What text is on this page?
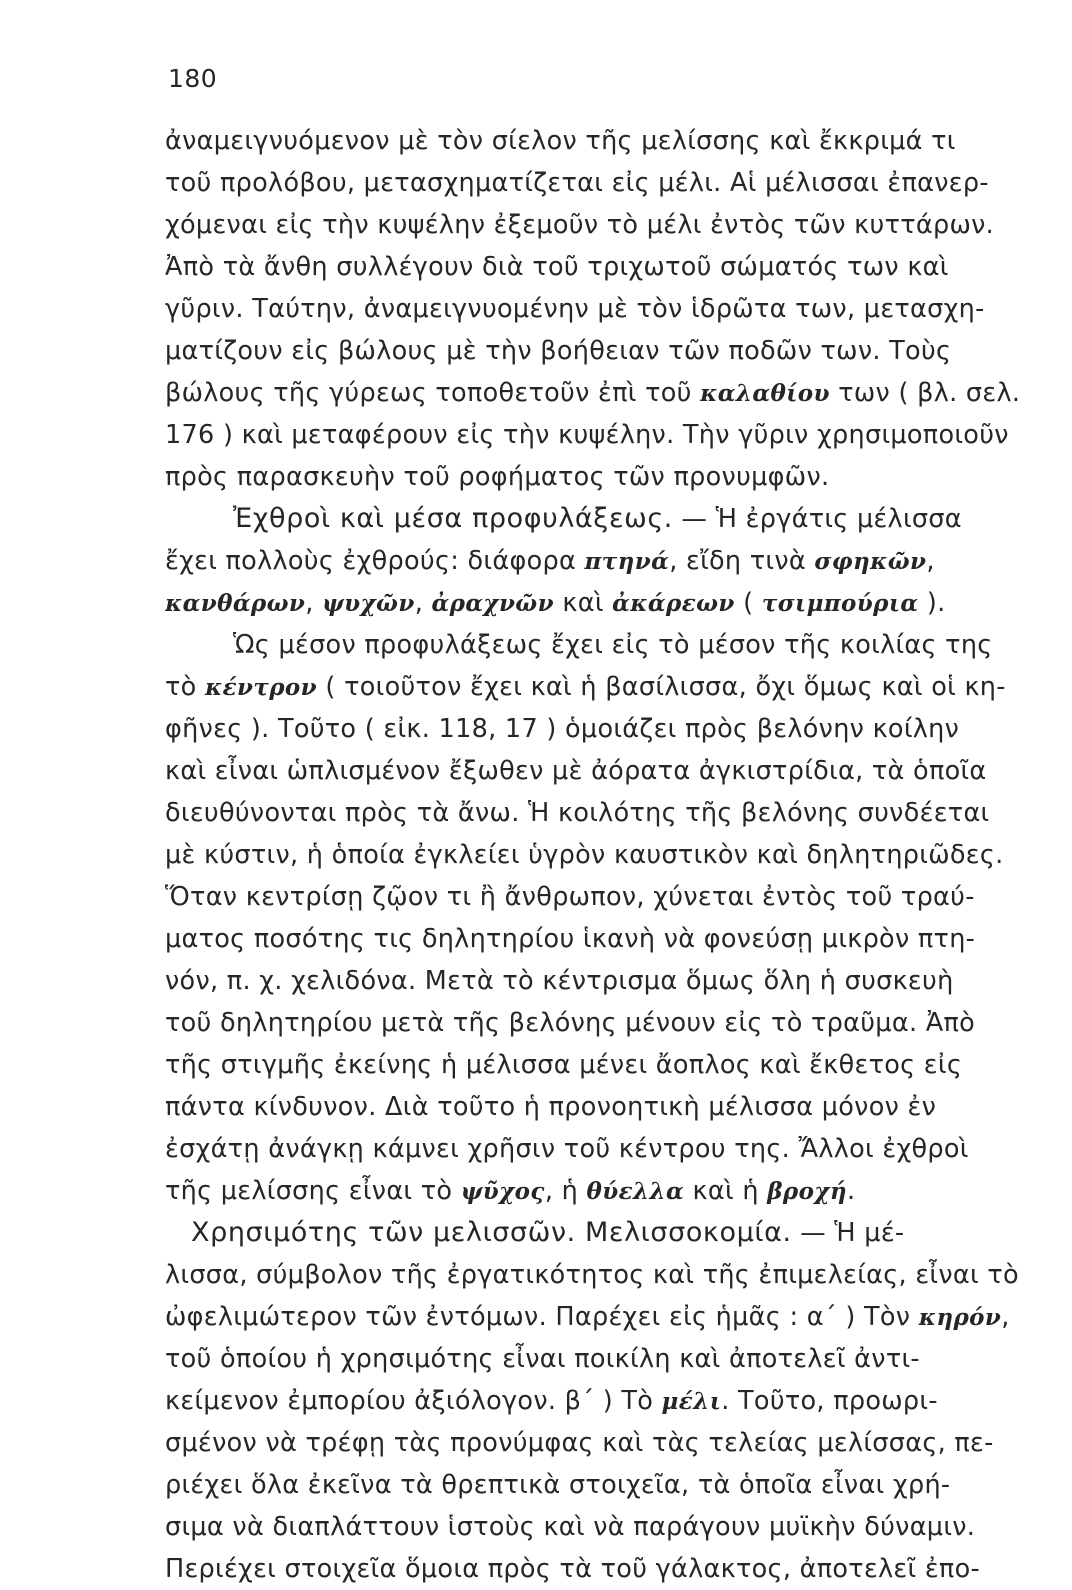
180
ἀναμειγνυόμενον μὲ τὸν σίελον τῆς μελίσσης καὶ ἔκκριμά τι
τοῦ προλόβου, μετασχηματίζεται εἰς μέλι. Αἱ μέλισσαι ἐπανερ-
χόμεναι εἰς τὴν κυψέλην ἐξεμοῦν τὸ μέλι ἐντὸς τῶν κυττάρων.
Ἀπὸ τὰ ἄνθη συλλέγουν διὰ τοῦ τριχωτοῦ σώματός των καὶ
γῦριν. Ταύτην, ἀναμειγνυομένην μὲ τὸν ἱδρῶτα των, μετασχη-
ματίζουν εἰς βώλους μὲ τὴν βοήθειαν τῶν ποδῶν των. Τοὺς
βώλους τῆς γύρεως τοποθετοῦν ἐπὶ τοῦ καλαθίου των ( βλ. σελ.
176 ) καὶ μεταφέρουν εἰς τὴν κυψέλην. Τὴν γῦριν χρησιμοποιοῦν
πρὸς παρασκευὴν τοῦ ροφήματος τῶν προνυμφῶν.
Ἐχθροὶ καὶ μέσα προφυλάξεως. — Ἡ ἐργάτις μέλισσα
ἔχει πολλοὺς ἐχθρούς: διάφορα πτηνά, εἴδη τινὰ σφηκῶν,
κανθάρων, ψυχῶν, ἀραχνῶν καὶ ἀκάρεων ( τσιμπούρια ).
Ὡς μέσον προφυλάξεως ἔχει εἰς τὸ μέσον τῆς κοιλίας της
τὸ κέντρον ( τοιοῦτον ἔχει καὶ ἡ βασίλισσα, ὄχι ὅμως καὶ οἱ κη-
φῆνες ). Τοῦτο ( εἰκ. 118, 17 ) ὁμοιάζει πρὸς βελόνην κοίλην
καὶ εἶναι ὡπλισμένον ἔξωθεν μὲ ἀόρατα ἀγκιστρίδια, τὰ ὁποῖα
διευθύνονται πρὸς τὰ ἄνω. Ἡ κοιλότης τῆς βελόνης συνδέεται
μὲ κύστιν, ἡ ὁποία ἐγκλείει ὑγρὸν καυστικὸν καὶ δηλητηριῶδες.
Ὅταν κεντρίσῃ ζῷον τι ἢ ἄνθρωπον, χύνεται ἐντὸς τοῦ τραύ-
ματος ποσότης τις δηλητηρίου ἱκανὴ νὰ φονεύσῃ μικρὸν πτη-
νόν, π. χ. χελιδόνα. Μετὰ τὸ κέντρισμα ὅμως ὅλη ἡ συσκευὴ
τοῦ δηλητηρίου μετὰ τῆς βελόνης μένουν εἰς τὸ τραῦμα. Ἀπὸ
τῆς στιγμῆς ἐκείνης ἡ μέλισσα μένει ἄοπλος καὶ ἔκθετος εἰς
πάντα κίνδυνον. Διὰ τοῦτο ἡ προνοητικὴ μέλισσα μόνον ἐν
ἐσχάτῃ ἀνάγκῃ κάμνει χρῆσιν τοῦ κέντρου της. Ἄλλοι ἐχθροὶ
τῆς μελίσσης εἶναι τὸ ψῦχος, ἡ θύελλα καὶ ἡ βροχή.
Χρησιμότης τῶν μελισσῶν. Μελισσοκομία. — Ἡ μέ-
λισσα, σύμβολον τῆς ἐργατικότητος καὶ τῆς ἐπιμελείας, εἶναι τὸ
ὠφελιμώτερον τῶν ἐντόμων. Παρέχει εἰς ἡμᾶς : α΄ ) Τὸν κηρόν,
τοῦ ὁποίου ἡ χρησιμότης εἶναι ποικίλη καὶ ἀποτελεῖ ἀντι-
κείμενον ἐμπορίου ἀξιόλογον. β΄ ) Τὸ μέλι. Τοῦτο, προωρι-
σμένον νὰ τρέφῃ τὰς προνύμφας καὶ τὰς τελείας μελίσσας, πε-
ριέχει ὅλα ἐκεῖνα τὰ θρεπτικὰ στοιχεῖα, τὰ ὁποῖα εἶναι χρή-
σιμα νὰ διαπλάττουν ἱστοὺς καὶ νὰ παράγουν μυϊκὴν δύναμιν.
Περιέχει στοιχεῖα ὅμοια πρὸς τὰ τοῦ γάλακτος, ἀποτελεῖ ἐπο-
